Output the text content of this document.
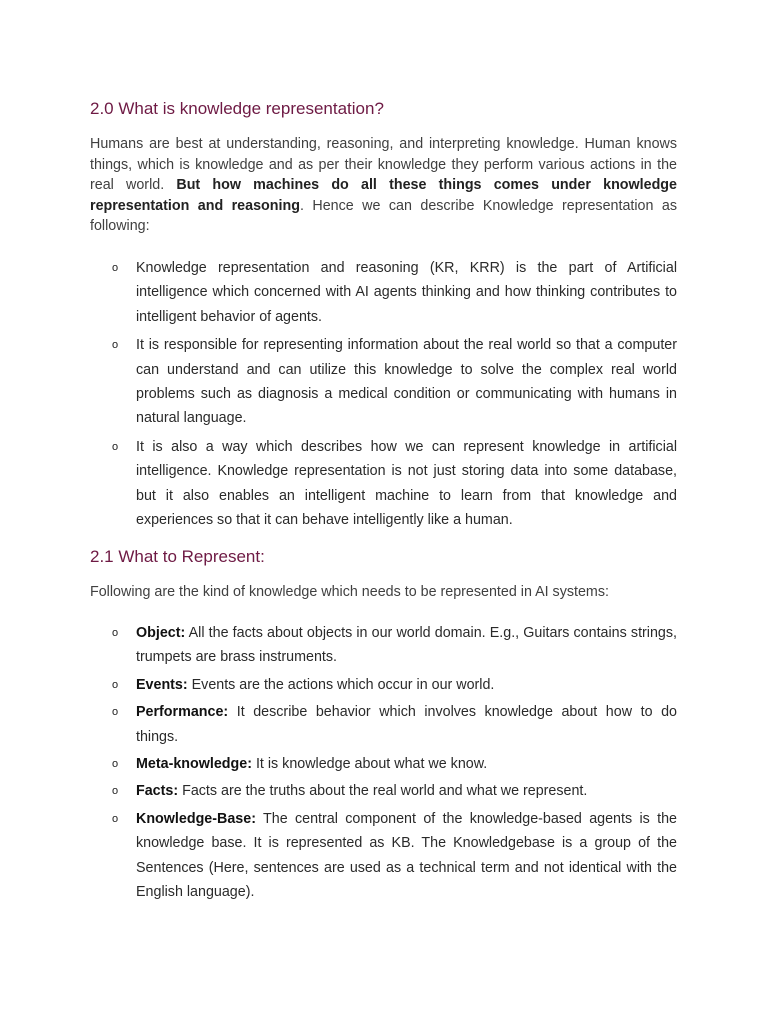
2.0 What is knowledge representation?

Humans are best at understanding, reasoning, and interpreting knowledge. Human knows things, which is knowledge and as per their knowledge they perform various actions in the real world. But how machines do all these things comes under knowledge representation and reasoning. Hence we can describe Knowledge representation as following:

o Knowledge representation and reasoning (KR, KRR) is the part of Artificial intelligence which concerned with AI agents thinking and how thinking contributes to intelligent behavior of agents.
o It is responsible for representing information about the real world so that a computer can understand and can utilize this knowledge to solve the complex real world problems such as diagnosis a medical condition or communicating with humans in natural language.
o It is also a way which describes how we can represent knowledge in artificial intelligence. Knowledge representation is not just storing data into some database, but it also enables an intelligent machine to learn from that knowledge and experiences so that it can behave intelligently like a human.
2.1 What to Represent:

Following are the kind of knowledge which needs to be represented in AI systems:

o Object: All the facts about objects in our world domain. E.g., Guitars contains strings, trumpets are brass instruments.
o Events: Events are the actions which occur in our world.
o Performance: It describe behavior which involves knowledge about how to do things.
o Meta-knowledge: It is knowledge about what we know.
o Facts: Facts are the truths about the real world and what we represent.
o Knowledge-Base: The central component of the knowledge-based agents is the knowledge base. It is represented as KB. The Knowledgebase is a group of the Sentences (Here, sentences are used as a technical term and not identical with the English language).
